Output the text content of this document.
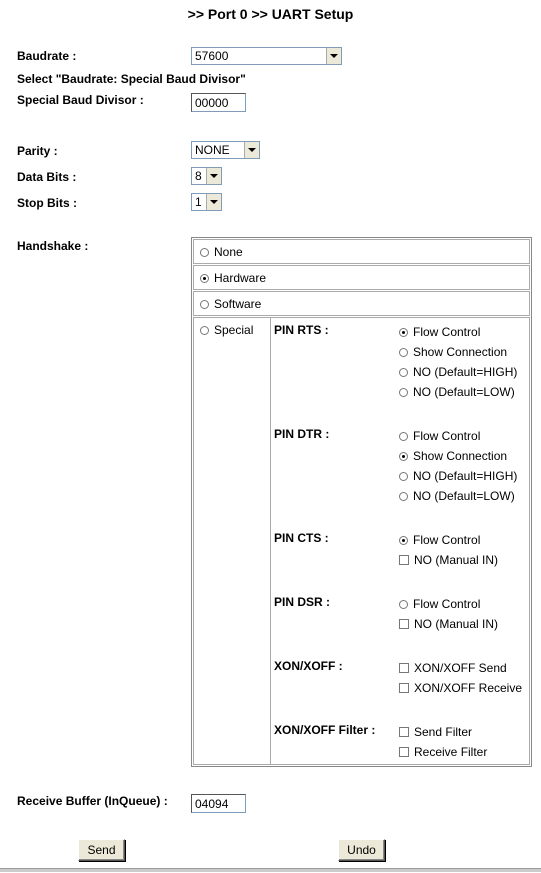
>> Port 0 >> UART Setup
Baudrate :	57600
Select "Baudrate: Special Baud Divisor"
Special Baud Divisor :
00000
Parity :	NONE
Data Bits :	8
Stop Bits :	1
Handshake :	None
Hardware
Software
Special PIN RTS :	Flow Control
Show Connection
NO (Default=HIGH)
NO (Default=LOW)
PIN DTR :	Flow Control
Show Connection
NO (Default=HIGH)
NO (Default=LOW)
PIN CTS :	Flow Control
NO (Manual IN)
PIN DSR :	Flow Control
NO (Manual IN)
XON/XOFF :	XON/XOFF Send
XON/XOFF Receive
XON/XOFF Filter :	Send Filter
Receive Filter
Receive Buffer (InQueue) :
04094
Send	Undo
